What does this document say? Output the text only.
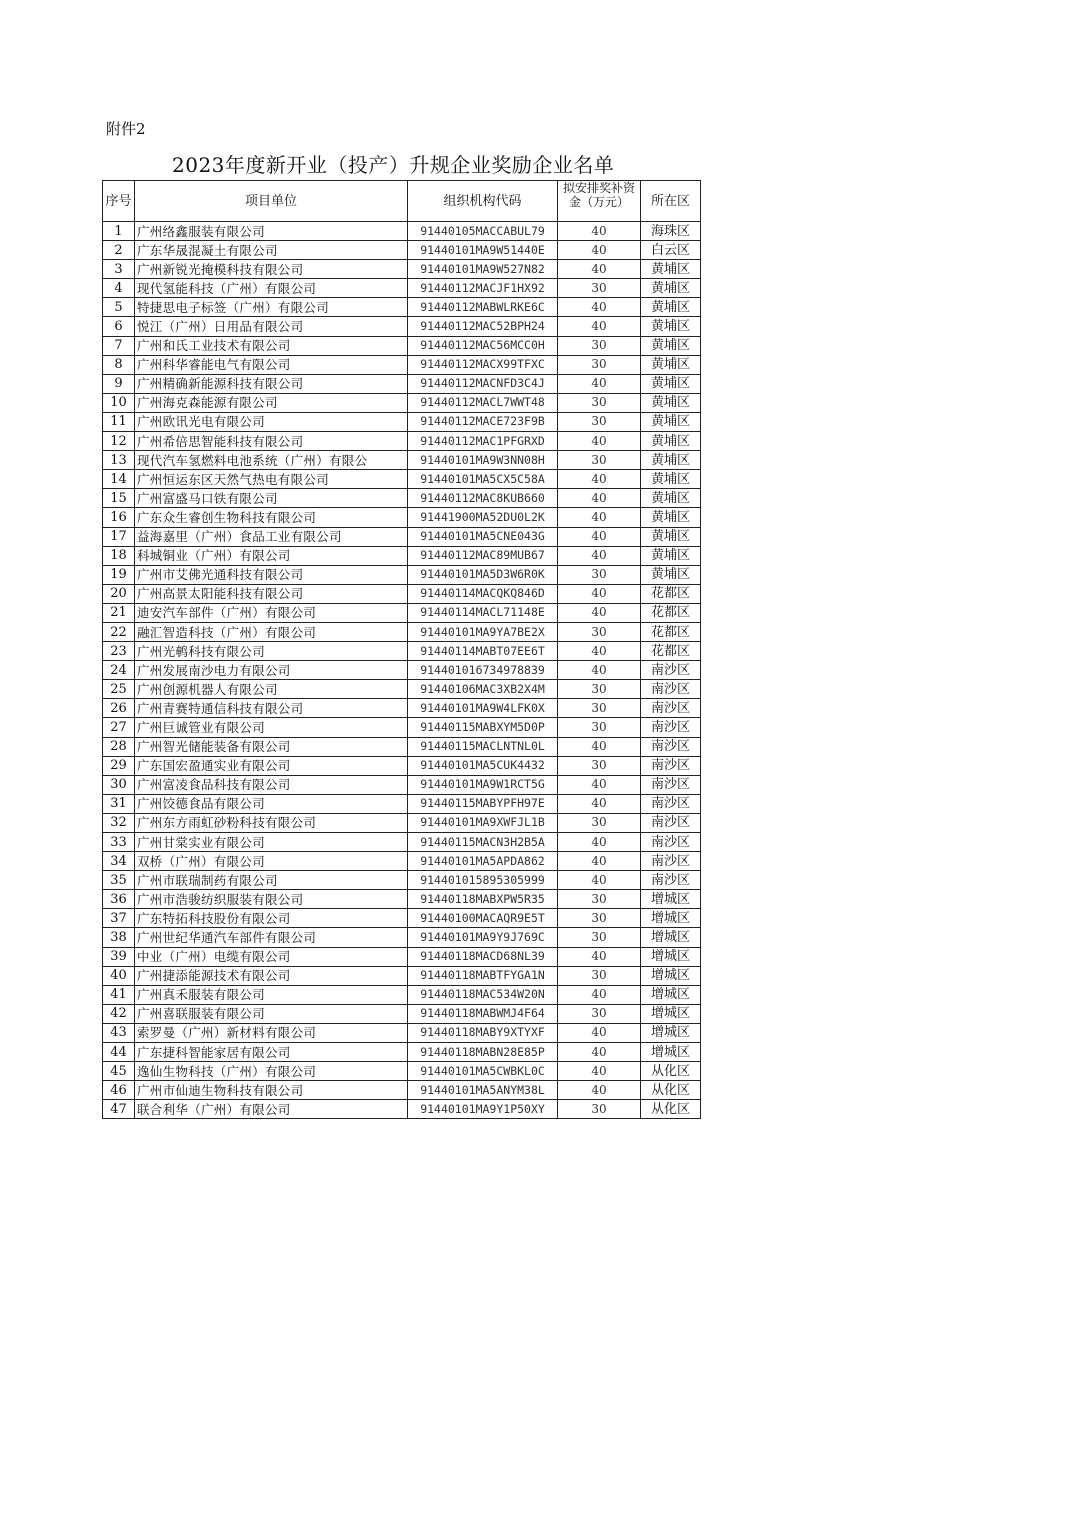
附件2
2023年度新开业（投产）升规企业奖励企业名单
序号	项目单位	组织机构代码	拟安排奖补资金（万元）	所在区
1	广州络鑫服装有限公司	91440105MACCABUL79	40	海珠区
2	广东华晟混凝土有限公司	91440101MA9W51440E	40	白云区
3	广州新锐光掩模科技有限公司	91440101MA9W527N82	40	黄埔区
4	现代氢能科技（广州）有限公司	91440112MACJF1HX92	30	黄埔区
5	特捷思电子标签（广州）有限公司	91440112MABWLRKE6C	40	黄埔区
6	悦江（广州）日用品有限公司	91440112MAC52BPH24	40	黄埔区
7	广州和氏工业技术有限公司	91440112MAC56MCC0H	30	黄埔区
8	广州科华睿能电气有限公司	91440112MACX99TFXC	30	黄埔区
9	广州精确新能源科技有限公司	91440112MACNFD3C4J	40	黄埔区
10	广州海克森能源有限公司	91440112MACL7WWT48	30	黄埔区
11	广州欧讯光电有限公司	91440112MACE723F9B	30	黄埔区
12	广州希倍思智能科技有限公司	91440112MAC1PFGRXD	40	黄埔区
13	现代汽车氢燃料电池系统（广州）有限公	91440101MA9W3NN08H	30	黄埔区
14	广州恒运东区天然气热电有限公司	91440101MA5CX5C58A	40	黄埔区
15	广州富盛马口铁有限公司	91440112MAC8KUB660	40	黄埔区
16	广东众生睿创生物科技有限公司	91441900MA52DU0L2K	40	黄埔区
17	益海嘉里（广州）食品工业有限公司	91440101MA5CNE043G	40	黄埔区
18	科城铜业（广州）有限公司	91440112MAC89MUB67	40	黄埔区
19	广州市艾佛光通科技有限公司	91440101MA5D3W6R0K	30	黄埔区
20	广州高景太阳能科技有限公司	91440114MACQKQ846D	40	花都区
21	迪安汽车部件（广州）有限公司	91440114MACL71148E	40	花都区
22	融汇智造科技（广州）有限公司	91440101MA9YA7BE2X	30	花都区
23	广州光鹌科技有限公司	91440114MABT07EE6T	40	花都区
24	广州发展南沙电力有限公司	914401016734978839	40	南沙区
25	广州创源机器人有限公司	91440106MAC3XB2X4M	30	南沙区
26	广州青赛特通信科技有限公司	91440101MA9W4LFK0X	30	南沙区
27	广州巨诚管业有限公司	91440115MABXYM5D0P	30	南沙区
28	广州智光储能装备有限公司	91440115MACLNTNL0L	40	南沙区
29	广东国宏盈通实业有限公司	91440101MA5CUK4432	30	南沙区
30	广州富凌食品科技有限公司	91440101MA9W1RCT5G	40	南沙区
31	广州饺德食品有限公司	91440115MABYPFH97E	40	南沙区
32	广州东方雨虹砂粉科技有限公司	91440101MA9XWFJL1B	30	南沙区
33	广州甘棠实业有限公司	91440115MACN3H2B5A	40	南沙区
34	双桥（广州）有限公司	91440101MA5APDA862	40	南沙区
35	广州市联瑞制药有限公司	914401015895305999	40	南沙区
36	广州市浩骏纺织服装有限公司	91440118MABXPW5R35	30	增城区
37	广东特拓科技股份有限公司	91440100MACAQR9E5T	30	增城区
38	广州世纪华通汽车部件有限公司	91440101MA9Y9J769C	30	增城区
39	中业（广州）电缆有限公司	91440118MACD68NL39	40	增城区
40	广州捷添能源技术有限公司	91440118MABTFYGA1N	30	增城区
41	广州真禾服装有限公司	91440118MAC534W20N	40	增城区
42	广州喜联服装有限公司	91440118MABWMJ4F64	30	增城区
43	索罗曼（广州）新材料有限公司	91440118MABY9XTYXF	40	增城区
44	广东捷科智能家居有限公司	91440118MABN28E85P	40	增城区
45	逸仙生物科技（广州）有限公司	91440101MA5CWBKL0C	40	从化区
46	广州市仙迪生物科技有限公司	91440101MA5ANYM38L	40	从化区
47	联合利华（广州）有限公司	91440101MA9Y1P50XY	30	从化区
